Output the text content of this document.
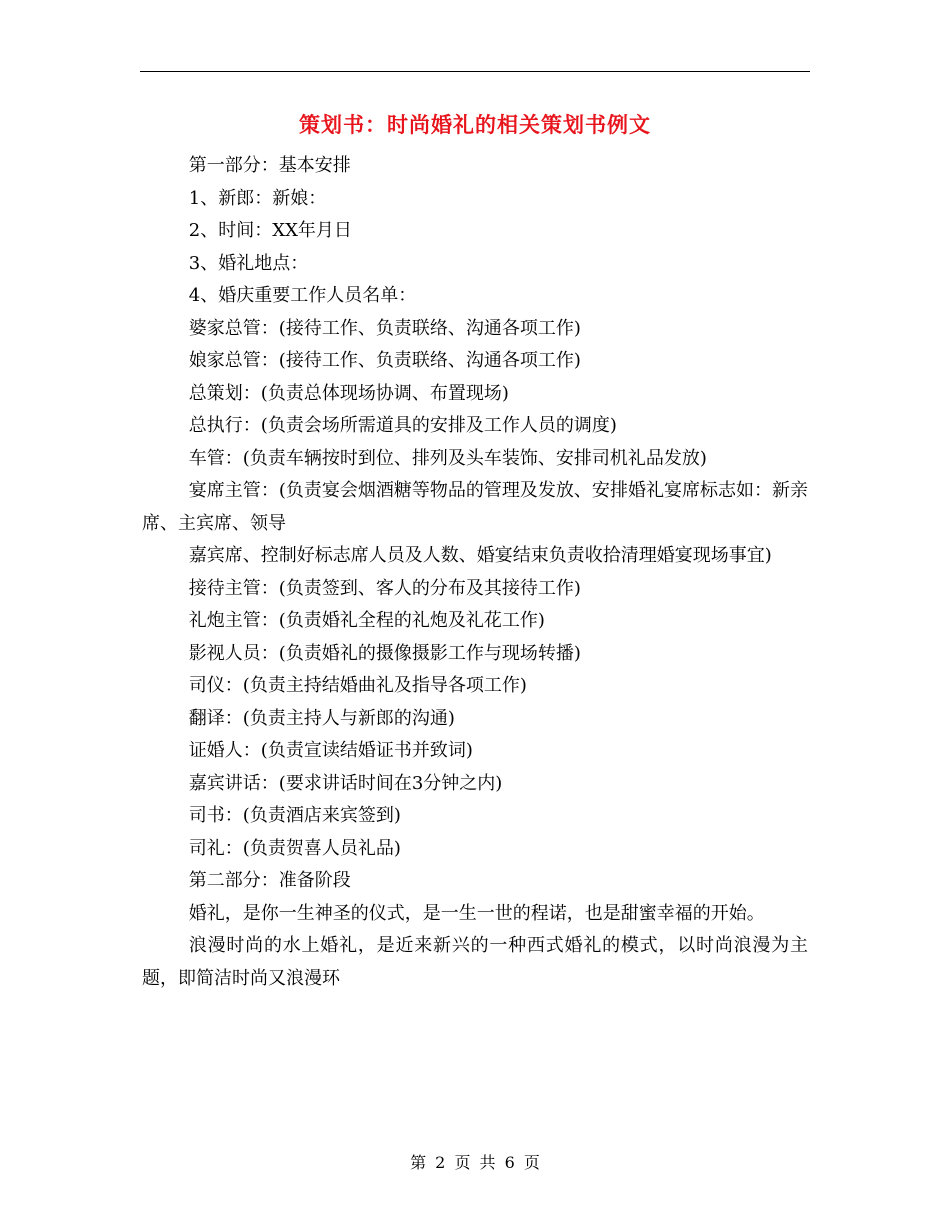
策划书：时尚婚礼的相关策划书例文

第一部分：基本安排

1、新郎：新娘：

2、时间：XX年月日

3、婚礼地点：

4、婚庆重要工作人员名单：

婆家总管：(接待工作、负责联络、沟通各项工作)

娘家总管：(接待工作、负责联络、沟通各项工作)

总策划：(负责总体现场协调、布置现场)

总执行：(负责会场所需道具的安排及工作人员的调度)

车管：(负责车辆按时到位、排列及头车装饰、安排司机礼品发放)

宴席主管：(负责宴会烟酒糖等物品的管理及发放、安排婚礼宴席标志如：新亲席、主宾席、领导

嘉宾席、控制好标志席人员及人数、婚宴结束负责收拾清理婚宴现场事宜)

接待主管：(负责签到、客人的分布及其接待工作)

礼炮主管：(负责婚礼全程的礼炮及礼花工作)

影视人员：(负责婚礼的摄像摄影工作与现场转播)

司仪：(负责主持结婚曲礼及指导各项工作)

翻译：(负责主持人与新郎的沟通)

证婚人：(负责宣读结婚证书并致词)

嘉宾讲话：(要求讲话时间在3分钟之内)

司书：(负责酒店来宾签到)

司礼：(负责贺喜人员礼品)

第二部分：准备阶段

婚礼，是你一生神圣的仪式，是一生一世的程诺，也是甜蜜幸福的开始。

浪漫时尚的水上婚礼，是近来新兴的一种西式婚礼的模式，以时尚浪漫为主题，即简洁时尚又浪漫环

第 2 页 共 6 页
